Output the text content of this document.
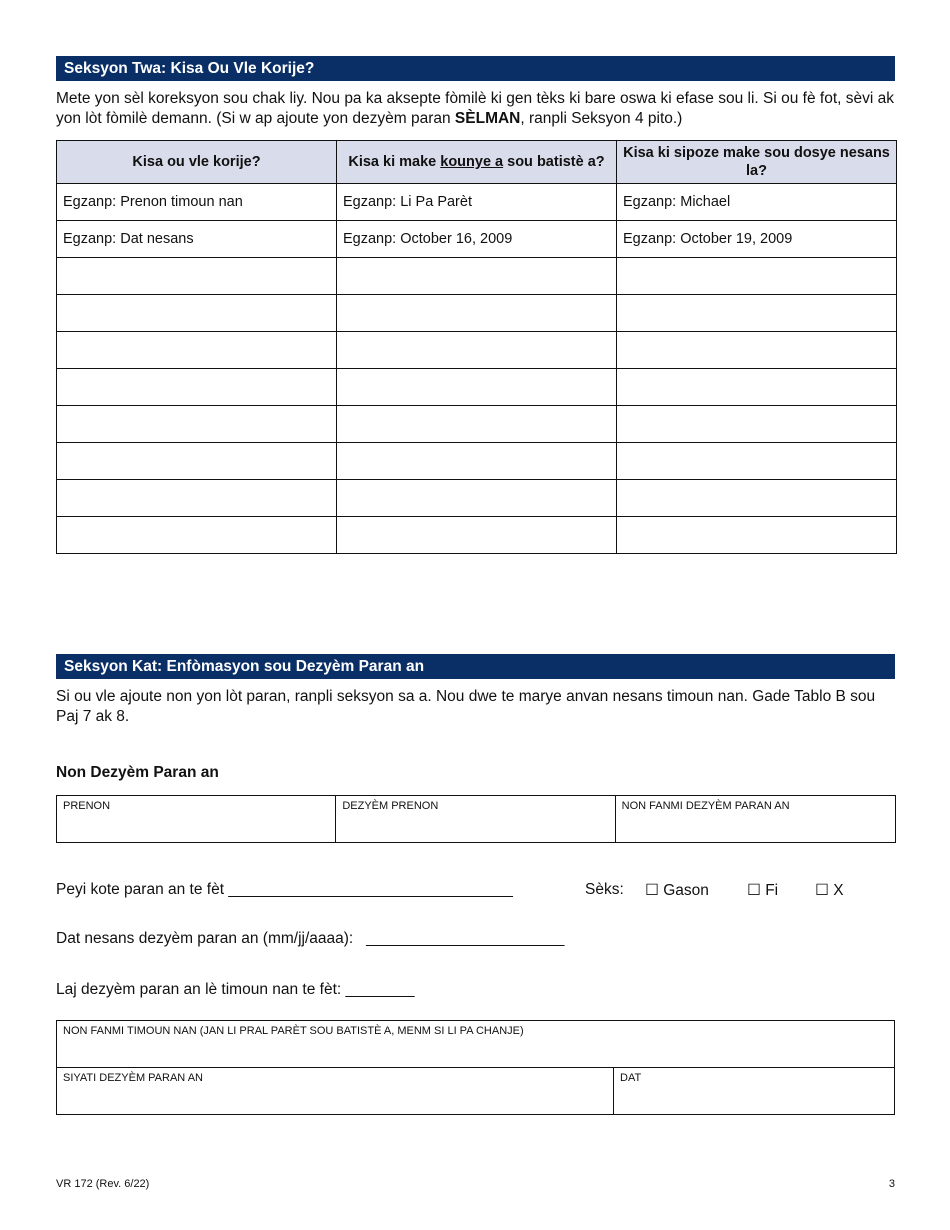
Seksyon Twa: Kisa Ou Vle Korije?
Mete yon sèl koreksyon sou chak liy. Nou pa ka aksepte fòmilè ki gen tèks ki bare oswa ki efase sou li. Si ou fè fot, sèvi ak yon lòt fòmilè demann. (Si w ap ajoute yon dezyèm paran SÈLMAN, ranpli Seksyon 4 pito.)
Kisa ou vle korije?	Kisa ki make kounye a sou batistè a?	Kisa ki sipoze make sou dosye nesans la?
Egzanp: Prenon timoun nan	Egzanp: Li Pa Parèt	Egzanp: Michael
Egzanp: Dat nesans	Egzanp: October 16, 2009	Egzanp: October 19, 2009

Seksyon Kat: Enfòmasyon sou Dezyèm Paran an
Si ou vle ajoute non yon lòt paran, ranpli seksyon sa a. Nou dwe te marye anvan nesans timoun nan. Gade Tablo B sou Paj 7 ak 8.
Non Dezyèm Paran an
PRENON	DEZYÈM PRENON	NON FANMI DEZYÈM PARAN AN
Peyi kote paran an te fèt _________________________________	Sèks: ☐ Gason ☐ Fi ☐ X
Dat nesans dezyèm paran an (mm/jj/aaaa): _______________________
Laj dezyèm paran an lè timoun nan te fèt: ________
NON FANMI TIMOUN NAN (JAN LI PRAL PARÈT SOU BATISTÈ A, MENM SI LI PA CHANJE)
SIYATI DEZYÈM PARAN AN	DAT
VR 172 (Rev. 6/22)	3
